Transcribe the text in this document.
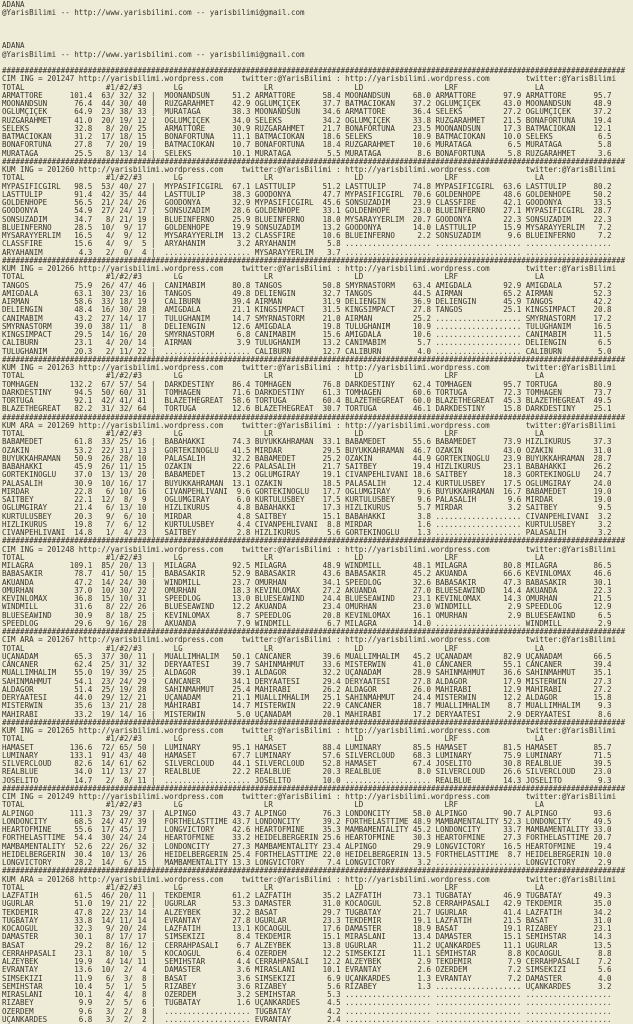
ADANA
@YarisBilimi -- http://www.yarisbilimi.com -- yarisbilimi@gmail.com
ADANA
@YarisBilimi -- http://www.yarisbilimi.com -- yarisbilimi@gmail.com
##########################################################################################################################################
CIM ING = 201247 http://yarisbilimi.wordpress.com    twitter:@YarisBilimi : http://yarisbilimi.wordpress.com        twitter:@YarisBilimi
TOTAL                  #1/#2/#3       LG                  LR                  LD                  LRF                 LA
ARMATTORE      101.4  63/ 32/ 32 |  MOONANDSUN     51.2 ARMATTORE      58.4 MOONANDSUN     68.0 ARMATTORE      97.9 ARMATTORE      95.7
MOONANDSUN      76.4  44/ 30/ 40 |  RÜZGARAHMET    42.9 OGLUMÇIÇEK     37.7 BATMACIOKAN    37.2 OGLUMÇIÇEK     43.0 MOONANDSUN     48.9
OGLUMÇIÇEK      64.9  23/ 38/ 33 |  MURATAGA       38.3 MOONANDSUN     34.6 ARMATTORE      36.4 SELEKS         27.2 OGLUMÇIÇEK     37.2
RÜZGARAHMET     41.0  20/ 19/ 12 |  OGLUMÇIÇEK     34.0 SELEKS         34.2 OGLUMÇIÇEK     33.8 RÜZGARAHMET    21.5 BONAFORTUNA    19.4
SELEKS          32.8   8/ 20/ 25 |  ARMATTORE      30.9 RÜZGARAHMET    21.7 BONAFORTUNA    23.5 MOONANDSUN     17.3 BATMACIOKAN    12.1
BATMACIOKAN     31.2  17/ 18/ 15 |  BONAFORTUNA    11.1 BATMACIOKAN    18.6 SELEKS         10.9 BATMACIOKAN    10.0 SELEKS          6.5
BONAFORTUNA     27.8   7/ 20/ 19 |  BATMACIOKAN    10.7 BONAFORTUNA    18.4 RÜZGARAHMET    10.6 MURATAGA        6.5 MURATAGA        5.8
MURATAGA        25.5   8/ 13/ 14 |  SELEKS         10.1 MURATAGA        5.5 MURATAGA        8.6 BONAFORTUNA     5.8 RÜZGARAHMET     3.6
##########################################################################################################################################
KUM ING = 201260 http://yarisbilimi.wordpress.com    twitter:@YarisBilimi : http://yarisbilimi.wordpress.com        twitter:@YarisBilimi
TOTAL                  #1/#2/#3       LG                  LR                  LD                  LRF                 LA
MYPASIFICGIRL   98.5  53/ 40/ 27 |  MYPASIFICGIRL  67.1 LASTTULIP      51.2 LASTTULIP      74.8 MYPASIFICGIRL  63.6 LASTTULIP      80.2
LASTTULIP       91.4  42/ 35/ 44 |  LASTTULIP      38.3 GOODONYA       47.7 MYPASIFICGIRL  70.6 GOLDENHOPE     48.6 GOLDENHOPE     50.2
GOLDENHOPE      56.5  21/ 24/ 26 |  GOODONYA       32.9 MYPASIFICGIRL  45.6 SONSUZADIM     23.9 CLASSFIRE      42.1 GOODONYA       33.5
GOODONYA        54.9  27/ 24/ 17 |  SONSUZADIM     28.6 GOLDENHOPE     33.1 GOLDENHOPE     23.0 BLUEINFERNO    27.1 MYPASIFICGIRL  28.7
SONSUZADIM      34.7   8/ 21/ 19 |  BLUEINFERNO    25.9 BLUEINFERNO    18.0 MYSARAYYERLIM  20.7 GOODONYA       22.3 SONSUZADIM     22.3
BLUEINFERNO     28.5  10/  9/ 17 |  GOLDENHOPE     19.9 SONSUZADIM     13.2 GOODONYA       14.0 LASTTULIP      15.9 MYSARAYYERLIM   7.2
MYSARAYYERLIM   16.5   4/  9/ 12 |  MYSARAYYERLIM  13.2 CLASSFIRE      10.6 BLUEINFERNO     2.2 SONSUZADIM      9.6 BLUEINFERNO     7.2
CLASSFIRE       15.6   4/  9/  5 |  ARYAHANIM       3.2 ARYAHANIM       5.8 ................... ................... ...................
ARYAHANIM        4.3   2/  0/  4 |  ................... MYSARAYYERLIM   3.7 ................... ................... ...................
##########################################################################################################################################
KUM ING = 201266 http://yarisbilimi.wordpress.com    twitter:@YarisBilimi : http://yarisbilimi.wordpress.com        twitter:@YarisBilimi
TOTAL                  #1/#2/#3       LG                  LR                  LD                  LRF                 LA
TANGOS          75.9  26/ 47/ 46 |  CANIMABIM      80.8 TANGOS         50.8 SMYRNASTORM    63.4 AMIGDALA       92.9 AMIGDALA       57.2
AMIGDALA        63.1  30/ 23/ 16 |  TANGOS         49.8 DELIENGIN      32.7 TANGOS         44.5 AIRMAN         65.2 AIRMAN         52.3
AIRMAN          58.6  33/ 18/ 19 |  CALIBURN       39.4 AIRMAN         31.9 DELIENGIN      36.9 DELIENGIN      45.9 TANGOS         42.2
DELIENGIN       48.4  16/ 30/ 28 |  AMIGDALA       21.1 KINGSIMPACT    31.5 KINGSIMPACT    27.8 TANGOS         25.1 KINGSIMPACT    20.8
CANIMABIM       43.2  27/ 14/ 17 |  TULUGHANIM     14.7 SMYRNASTORM    21.0 AIRMAN         25.2 ................... SMYRNASTORM    17.2
SMYRNASTORM     39.0  38/ 11/  8 |  DELIENGIN      12.6 AMIGDALA       19.8 TULUGHANIM     10.9 ................... TULUGHANIM     16.5
KINGSIMPACT     29.5  14/ 16/ 20 |  SMYRNASTORM     6.8 CANIMABIM      15.6 AMIGDALA       10.6 ................... CANIMABIM      11.5
CALIBURN        23.1   4/ 20/ 14 |  AIRMAN          3.9 TULUGHANIM     13.2 CANIMABIM       5.7 ................... DELIENGIN       6.5
TULUGHANIM      20.3   2/ 11/ 22 |  ................... CALIBURN       12.7 CALIBURN        4.0 ................... CALIBURN        5.0
##########################################################################################################################################
KUM ING = 201263 http://yarisbilimi.wordpress.com    twitter:@YarisBilimi : http://yarisbilimi.wordpress.com        twitter:@YarisBilimi
TOTAL                  #1/#2/#3       LG                  LR                  LD                  LRF                 LA
TOMHAGEN       132.2  67/ 57/ 54 |  DARKDESTINY    86.4 TOMHAGEN       76.8 DARKDESTINY    62.4 TOMHAGEN       95.7 TORTUGA        80.9
DARKDESTINY     94.5  50/ 60/ 31 |  TOMHAGEN       71.6 DARKDESTINY    61.3 TOMHAGEN       60.6 TORTUGA        72.3 TOMHAGEN       73.7
TORTUGA         92.1  42/ 41/ 41 |  BLAZETHEGREAT  58.6 TORTUGA        60.4 BLAZETHEGREAT  60.0 BLAZETHEGREAT  45.3 BLAZETHEGREAT  49.5
BLAZETHEGREAT   82.2  31/ 32/ 64 |  TORTUGA        12.6 BLAZETHEGREAT  30.7 TORTUGA        46.1 DARKDESTINY    15.8 DARKDESTINY    25.1
##########################################################################################################################################
KUM ARA = 201269 http://yarisbilimi.wordpress.com    twitter:@YarisBilimi : http://yarisbilimi.wordpress.com        twitter:@YarisBilimi
TOTAL                  #1/#2/#3       LG                  LR                  LD                  LRF                 LA
BABAMEDET       61.8  33/ 25/ 16 |  BABAHAKKI      74.3 BÜYÜKKAHRAMAN  33.1 BABAMEDET      55.6 BABAMEDET      73.9 HIZLIKURUS     37.3
ÖZAKIN          53.2  22/ 31/ 13 |  GÖRTEKINOGLU   41.5 MIRDAR         29.5 BÜYÜKKAHRAMAN  46.7 ÖZAKIN         43.0 ÖZAKIN         31.0
BÜYÜKKAHRAMAN   50.9  26/ 28/ 10 |  PALASALIH      32.2 BABAMEDET      25.2 ÖZAKIN         44.9 GÖRTEKINOGLU   23.9 BÜYÜKKAHRAMAN  28.7
BABAHAKKI       45.9  26/ 11/ 15 |  ÖZAKIN         22.6 PALASALIH      21.7 SAITBEY        19.4 HIZLIKURUS     23.1 BABAHAKKI      26.2
GÖRTEKINOGLU    37.0  13/ 13/ 20 |  BABAMEDET      13.2 OGLUMGIRAY     19.1 CIVANPEHLIVANI 18.6 SAITBEY        18.3 GÖRTEKINOGLU   24.7
PALASALIH       30.9  10/ 16/ 17 |  BÜYÜKKAHRAMAN  13.1 ÖZAKIN         18.5 PALASALIH      12.4 KURTULUSBEY    17.5 OGLUMGIRAY     24.0
MIRDAR          22.8   6/ 10/ 16 |  CIVANPEHLIVANI  9.6 GÖRTEKINOGLU   17.7 OGLUMGIRAY      9.6 BÜYÜKKAHRAMAN  16.7 BABAMEDET      19.0
SAITBEY         22.1  12/  8/  9 |  OGLUMGIRAY      6.0 KURTULUSBEY    17.5 KURTULUSBEY     9.6 PALASALIH       9.6 MIRDAR         19.0
OGLUMGIRAY      21.4   6/ 13/ 10 |  HIZLIKURUS      4.8 BABAHAKKI      17.3 HIZLIKURUS      5.7 MIRDAR          3.2 SAITBEY         9.5
KURTULUSBEY     20.3   9/  6/ 10 |  MIRDAR          4.8 SAITBEY        15.1 BABAHAKKI       3.8 ................... CIVANPEHLIVANI  3.2
HIZLIKURUS      19.8   7/  6/ 12 |  KURTULUSBEY     4.4 CIVANPEHLIVANI  8.8 MIRDAR          1.6 ................... KURTULUSBEY     3.2
CIVANPEHLIVANI  14.8   1/  4/ 23 |  SAITBEY         2.8 HIZLIKURUS      5.6 GÖRTEKINOGLU    1.3 ................... PALASALIH       3.2
##########################################################################################################################################
CIM ING = 201248 http://yarisbilimi.wordpress.com    twitter:@YarisBilimi : http://yarisbilimi.wordpress.com        twitter:@YarisBilimi
TOTAL                  #1/#2/#3       LG                  LR                  LD                  LRF                 LA
MILAGRA        109.1  85/ 20/ 13 |  MILAGRA        92.5 MILAGRA        48.9 WINDMILL       48.1 MILAGRA        80.8 MILAGRA        86.5
BABASAKIR       78.7  41/ 50/ 15 |  BABASAKIR      52.9 BABASAKIR      43.6 BABASAKIR      45.2 AKUANDA        66.6 KEVINLOMAX     46.6
AKUANDA         47.2  14/ 24/ 30 |  WINDMILL       23.7 ÖMÜRHAN        34.1 SPEEDLOG       32.6 BABASAKIR      47.3 BABASAKIR      30.1
ÖMÜRHAN         37.0  10/ 30/ 22 |  ÖMÜRHAN        18.3 KEVINLOMAX     27.2 AKUANDA        27.0 BLUESEAWIND    14.4 AKUANDA        22.3
KEVINLOMAX      36.8  15/ 10/ 31 |  SPEEDLOG       13.0 BLUESEAWIND    24.4 BLUESEAWIND    23.1 KEVINLOMAX     14.3 ÖMÜRHAN        21.5
WINDMILL        31.6   8/ 22/ 26 |  BLUESEAWIND    12.2 AKUANDA        23.4 ÖMÜRHAN        23.0 WINDMILL        2.9 SPEEDLOG       12.9
BLUESEAWIND     30.9   8/ 18/ 25 |  KEVINLOMAX      8.7 SPEEDLOG       20.8 KEVINLOMAX     16.1 ÖMÜRHAN         2.9 BLUESEAWIND     6.5
SPEEDLOG        29.6   9/ 16/ 28 |  AKUANDA         7.9 WINDMILL        6.7 MILAGRA        14.0 ................... WINDMILL        2.9
##########################################################################################################################################
CIM ARA = 201267 http://yarisbilimi.wordpress.com    twitter:@YarisBilimi : http://yarisbilimi.wordpress.com        twitter:@YarisBilimi
TOTAL                  #1/#2/#3       LG                  LR                  LD                  LRF                 LA
UÇANADAM        65.3  37/ 30/ 11 |  MUALLIMHALIM   50.1 CANCANER       39.6 MUALLIMHALIM   45.2 UÇANADAM       82.9 UÇANADAM       66.5
CANCANER        62.4  25/ 31/ 32 |  DERYAATESI     39.7 SAHINMAHMUT    33.6 MISTERWIN      41.0 CANCANER       55.1 CANCANER       39.4
MUALLIMHALIM    55.0  19/ 39/ 25 |  ALDAGÖR        39.1 ALDAGÖR        32.2 UÇANADAM       28.9 SAHINMAHMUT    36.6 SAHINMAHMUT    35.1
SAHINMAHMUT     54.1  23/ 24/ 29 |  CANCANER       34.1 DERYAATESI     29.4 DERYAATESI     27.8 ALDAGÖR        17.9 MISTERWIN      27.3
ALDAGÖR         51.4  25/ 19/ 28 |  SAHINMAHMUT    25.4 MAHIRABI       26.2 ALDAGÖR        26.0 MAHIRABI       12.9 MAHIRABI       27.2
DERYAATESI      44.0  29/ 12/ 21 |  UÇANADAM       21.1 MUALLIMHALIM   25.1 SAHINMAHMUT    24.4 MISTERWIN      12.2 ALDAGÖR        15.8
MISTERWIN       35.6  13/ 21/ 28 |  MAHIRABI       14.7 MISTERWIN      22.9 CANCANER       18.7 MUALLIMHALIM    8.7 MUALLIMHALIM    9.3
MAHIRABI        33.2  19/ 14/ 16 |  MISTERWIN       5.0 UÇANADAM       20.1 MAHIRABI       17.2 DERYAATESI      2.9 DERYAATESI      8.6
##########################################################################################################################################
KUM ING = 201265 http://yarisbilimi.wordpress.com    twitter:@YarisBilimi : http://yarisbilimi.wordpress.com        twitter:@YarisBilimi
TOTAL                  #1/#2/#3       LG                  LR                  LD                  LRF                 LA
HAMASET        136.6  72/ 65/ 50 |  LUMINARY       95.1 HAMASET        88.4 LUMINARY       85.5 HAMASET        81.5 HAMASET        85.7
LUMINARY       133.1  91/ 43/ 40 |  HAMASET        67.7 LUMINARY       57.6 SILVERCLOUD    68.3 LUMINARY       75.9 LUMINARY       71.5
SILVERCLOUD     82.6  14/ 61/ 62 |  SILVERCLOUD    44.1 SILVERCLOUD    52.8 HAMASET        67.4 JOSELITO       30.8 REALBLUE       39.5
REALBLUE        34.0  11/ 13/ 27 |  REALBLUE       22.2 REALBLUE       20.3 REALBLUE        8.0 SILVERCLOUD    26.6 SILVERCLOUD    23.0
JOSELITO        14.7   2/  8/ 11 |  ................... JOSELITO       10.0 ................... REALBLUE       14.3 JOSELITO        9.3
##########################################################################################################################################
CIM ING = 201249 http://yarisbilimi.wordpress.com    twitter:@YarisBilimi : http://yarisbilimi.wordpress.com        twitter:@YarisBilimi
TOTAL                  #1/#2/#3       LG                  LR                  LD                  LRF                 LA
ALPINGO        111.3  73/ 29/ 37 |  ALPINGO        43.7 ALPINGO        76.3 LONDONCITY     58.0 ALPINGO        90.7 ALPINGO        93.6
LONDONCITY      68.5  24/ 47/ 39 |  FORTHELASTTIME 43.7 LONDONCITY     39.2 FORTHELASTTIME 48.9 MAMBAMENTALITY 52.3 LONDONCITY     49.5
HEARTOFMINE     55.6  17/ 45/ 17 |  LONGVICTORY    42.6 HEARTOFMINE    35.3 MAMBAMENTALITY 45.2 LONDONCITY     33.7 MAMBAMENTALITY 33.0
FORTHELASTTIME  54.4  30/ 24/ 24 |  HEARTOFMINE    33.2 HEIDELBERGERIN 25.6 HEARTOFMINE    30.3 HEARTOFMINE    27.3 FORTHELASTTIME 20.7
MAMBAMENTALITY  52.6  22/ 26/ 32 |  LONDONCITY     27.3 MAMBAMENTALITY 23.4 ALPINGO        29.9 LONGVICTORY    16.5 HEARTOFMINE    19.4
HEIDELBERGERIN  30.4  10/ 13/ 26 |  HEIDELBERGERIN 25.4 FORTHELASTTIME 22.0 HEIDELBERGERIN 13.5 FORTHELASTTIME  8.7 HEIDELBERGERIN 10.0
LONGVICTORY     28.2  14/  6/ 15 |  MAMBAMENTALITY 13.3 LONGVICTORY     7.4 LONGVICTORY     3.2 ................... LONGVICTORY     2.9
##########################################################################################################################################
KUM ARA = 201268 http://yarisbilimi.wordpress.com    twitter:@YarisBilimi : http://yarisbilimi.wordpress.com        twitter:@YarisBilimi
TOTAL                  #1/#2/#3       LG                  LR                  LD                  LRF                 LA
LAZFATIH        61.5  46/ 20/ 11 |  TEKDEMIR       61.2 LAZFATIH       35.2 LAZFATIH       73.1 TUGBATAY       46.9 TUGBATAY       49.3
UGURLAR         51.0  19/ 21/ 22 |  UGURLAR        53.3 DAMASTER       31.0 KOCAOGUL       52.8 CERRAHPASALI   42.9 TEKDEMIR       35.0
TEKDEMIR        47.8  22/ 23/ 14 |  ALZEYBEK       32.2 BASAT          29.7 TUGBATAY       21.7 UGURLAR        41.4 LAZFATIH       34.2
TUGBATAY        33.8  14/ 11/ 14 |  EVRANTAY       27.8 UGURLAR        23.3 TEKDEMIR       19.1 LAZFATIH       21.5 BASAT          31.0
KOCAOGUL        32.3   9/ 20/ 24 |  LAZFATIH       13.1 KOCAOGUL       17.6 DAMASTER       18.9 BASAT          19.1 RIZABEY        23.1
DAMASTER        30.1   8/ 17/ 17 |  SIMSEKIZI       8.4 TEKDEMIR       15.1 MIRASLANI      13.4 DAMASTER       15.1 SEMIHSTAR      14.3
BASAT           29.2   8/ 16/ 12 |  CERRAHPASALI    6.7 ALZEYBEK       13.8 UGURLAR        11.2 UÇANKARDES     11.1 UGURLAR        13.5
CERRAHPASALI    23.1   8/ 10/  5 |  KOCAOGUL        6.4 ÖZERDEM        12.2 SIMSEKIZI      11.1 SEMIHSTAR       8.8 KOCAOGUL        8.8
ALZEYBEK        19.9   4/ 14/ 11 |  SEMIHSTAR       4.4 CERRAHPASALI   12.2 ALZEYBEK        2.9 TEKDEMIR        7.9 CERRAHPASALI    7.2
EVRANTAY        13.6  10/  2/  4 |  DAMASTER        3.6 MIRASLANI      10.1 EVRANTAY        2.6 ÖZERDEM         7.2 SIMSEKIZI       5.6
SIMSEKIZI       11.9   6/  3/  8 |  BASAT           3.6 SIMSEKIZI       6.9 UÇANKARDES      1.3 EVRANTAY        7.2 DAMASTER        4.0
SEMIHSTAR       10.4   5/  1/  5 |  RIZABEY         3.6 RIZABEY         5.6 RIZABEY         1.3 ................... UÇANKARDES      3.2
MIRASLANI       10.1   4/  4/  8 |  ÖZERDEM         3.2 SEMIHSTAR       5.3 ................... ................... ...................
RIZABEY          9.9   2/  5/  6 |  TUGBATAY        1.6 UÇANKARDES      4.5 ................... ................... ...................
ÖZERDEM          9.6   3/  2/  8 |  ................... TUGBATAY        4.2 ................... ................... ...................
UÇANKARDES       6.8   3/  2/  2 |  ................... EVRANTAY        2.4 ................... ................... ...................
